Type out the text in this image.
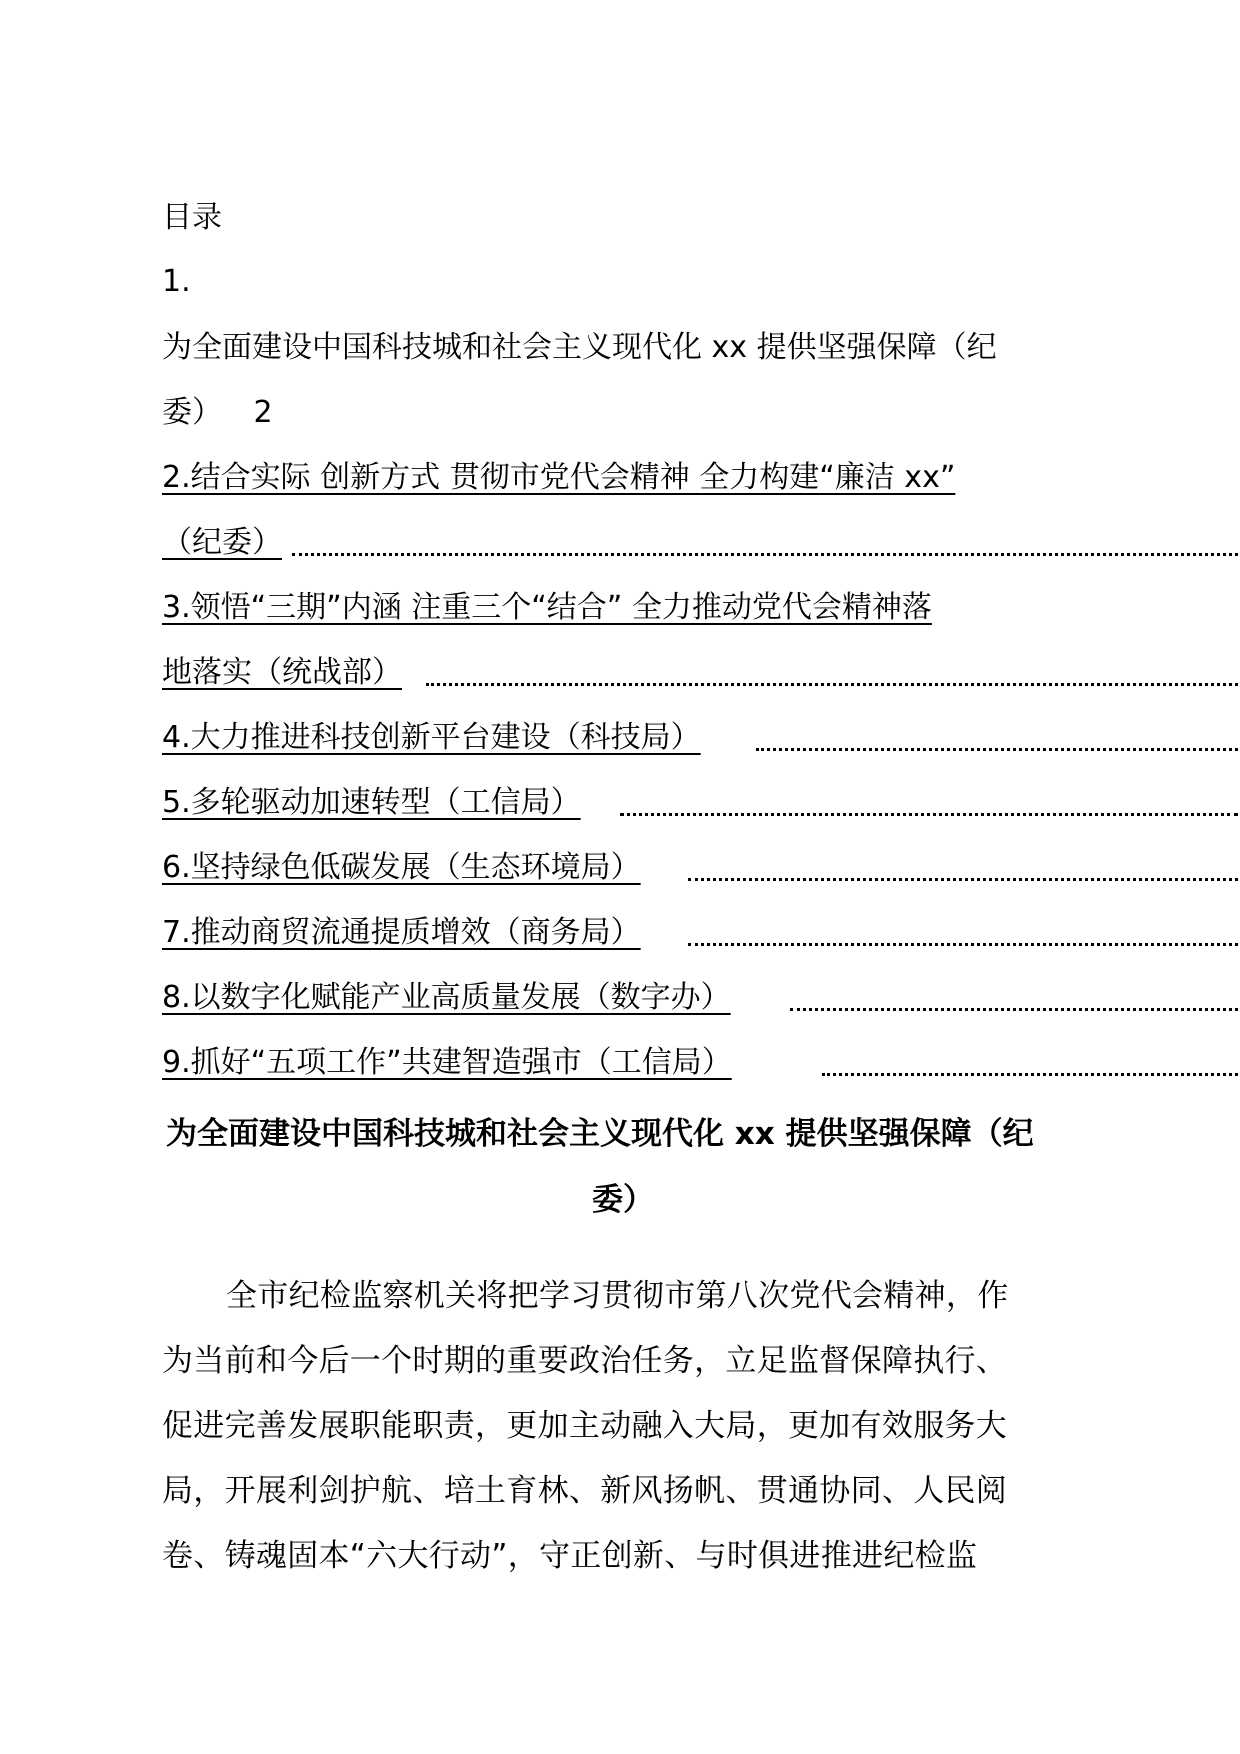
目录
1.
为全面建设中国科技城和社会主义现代化 xx 提供坚强保障（纪
委） 2
2.结合实际 创新方式 贯彻市党代会精神 全力构建“廉洁 xx”
（纪委）
3.领悟“三期”内涵 注重三个“结合” 全力推动党代会精神落
地落实（统战部）
4.大力推进科技创新平台建设（科技局）
5.多轮驱动加速转型（工信局）
6.坚持绿色低碳发展（生态环境局）
7.推动商贸流通提质增效（商务局）
8.以数字化赋能产业高质量发展（数字办）
9.抓好“五项工作”共建智造强市（工信局）
为全面建设中国科技城和社会主义现代化 xx 提供坚强保障（纪
委）
全市纪检监察机关将把学习贯彻市第八次党代会精神，作
为当前和今后一个时期的重要政治任务，立足监督保障执行、
促进完善发展职能职责，更加主动融入大局，更加有效服务大
局，开展利剑护航、培土育林、新风扬帆、贯通协同、人民阅
卷、铸魂固本“六大行动”，守正创新、与时俱进推进纪检监
